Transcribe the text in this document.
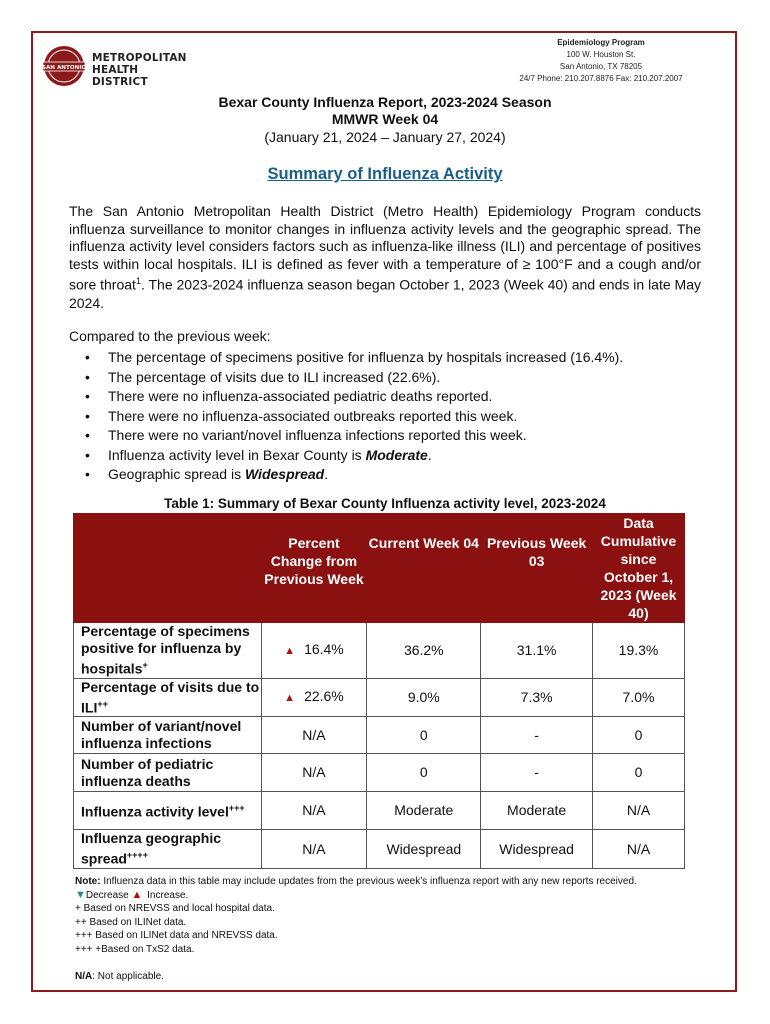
SAN ANTONIO
METROPOLITAN
HEALTH DISTRICT
Epidemiology Program
100 W. Houston St.
San Antonio, TX 78205
24/7 Phone: 210.207.8876 Fax: 210.207.2007
Bexar County Influenza Report, 2023-2024 Season
MMWR Week 04
(January 21, 2024 – January 27, 2024)
Summary of Influenza Activity
The San Antonio Metropolitan Health District (Metro Health) Epidemiology Program conducts influenza surveillance to monitor changes in influenza activity levels and the geographic spread. The influenza activity level considers factors such as influenza-like illness (ILI) and percentage of positives tests within local hospitals. ILI is defined as fever with a temperature of ≥ 100°F and a cough and/or sore throat$^1$. The 2023-2024 influenza season began October 1, 2023 (Week 40) and ends in late May 2024.
Compared to the previous week:
• The percentage of specimens positive for influenza by hospitals increased (16.4%).
• The percentage of visits due to ILI increased (22.6%).
• There were no influenza-associated pediatric deaths reported.
• There were no influenza-associated outbreaks reported this week.
• There were no variant/novel influenza infections reported this week.
• Influenza activity level in Bexar County is Moderate.
• Geographic spread is Widespread.
Table 1: Summary of Bexar County Influenza activity level, 2023-2024
	Percent Change from Previous Week	Current Week 04	Previous Week 03	Data Cumulative since October 1, 2023 (Week 40)
Percentage of specimens positive for influenza by hospitals+	▲ 16.4%	36.2%	31.1%	19.3%
Percentage of visits due to ILI++	▲ 22.6%	9.0%	7.3%	7.0%
Number of variant/novel influenza infections	N/A	0	-	0
Number of pediatric influenza deaths	N/A	0	-	0
Influenza activity level+++	N/A	Moderate	Moderate	N/A
Influenza geographic spread++++	N/A	Widespread	Widespread	N/A
Note: Influenza data in this table may include updates from the previous week’s influenza report with any new reports received.
▼Decrease ▲ Increase.
+ Based on NREVSS and local hospital data.
++ Based on ILINet data.
+++ Based on ILINet data and NREVSS data.
+++ +Based on TxS2 data.
N/A: Not applicable.
